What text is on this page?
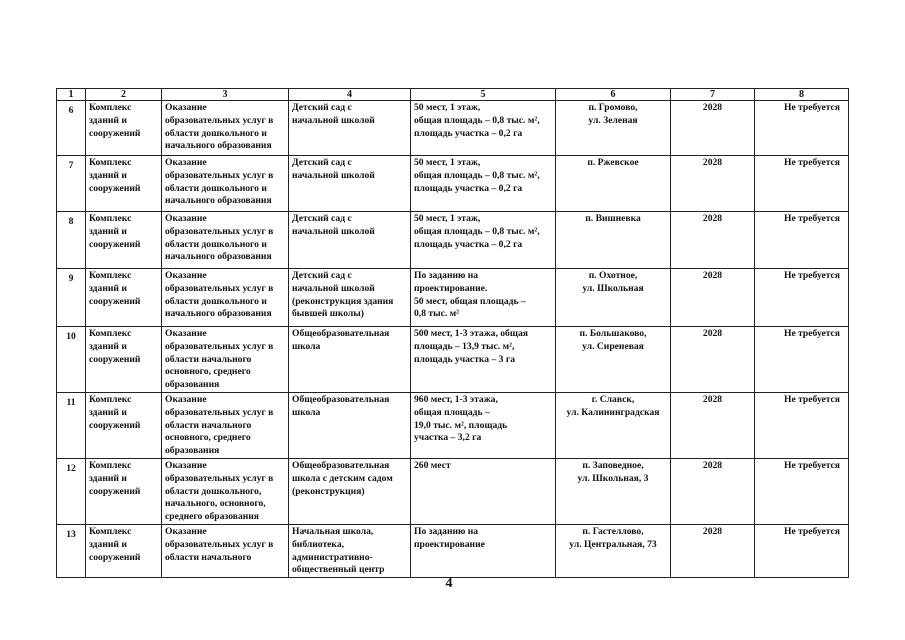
1	2	3	4	5	6	7	8
6	Комплекс
зданий и
сооружений	Оказание
образовательных услуг в
области дошкольного и
начального образования	Детский сад с
начальной школой	50 мест, 1 этаж,
общая площадь – 0,8 тыс. м²,
площадь участка – 0,2 га	п. Громово,
ул. Зеленая	2028	Не требуется
7	Комплекс
зданий и
сооружений	Оказание
образовательных услуг в
области дошкольного и
начального образования	Детский сад с
начальной школой	50 мест, 1 этаж,
общая площадь – 0,8 тыс. м²,
площадь участка – 0,2 га	п. Ржевское	2028	Не требуется
8	Комплекс
зданий и
сооружений	Оказание
образовательных услуг в
области дошкольного и
начального образования	Детский сад с
начальной школой	50 мест, 1 этаж,
общая площадь – 0,8 тыс. м²,
площадь участка – 0,2 га	п. Вишневка	2028	Не требуется
9	Комплекс
зданий и
сооружений	Оказание
образовательных услуг в
области дошкольного и
начального образования	Детский сад с
начальной школой
(реконструкция здания
бывшей школы)	По заданию на
проектирование.
50 мест, общая площадь –
0,8 тыс. м²	п. Охотное,
ул. Школьная	2028	Не требуется
10	Комплекс
зданий и
сооружений	Оказание
образовательных услуг в
области начального
основного, среднего
образования	Общеобразовательная
школа	500 мест, 1-3 этажа, общая
площадь – 13,9 тыс. м²,
площадь участка – 3 га	п. Большаково,
ул. Сиреневая	2028	Не требуется
11	Комплекс
зданий и
сооружений	Оказание
образовательных услуг в
области начального
основного, среднего
образования	Общеобразовательная
школа	960 мест, 1-3 этажа,
общая площадь –
19,0 тыс. м², площадь
участка – 3,2 га	г. Славск,
ул. Калининградская	2028	Не требуется
12	Комплекс
зданий и
сооружений	Оказание
образовательных услуг в
области дошкольного,
начального, основного,
среднего образования	Общеобразовательная
школа с детским садом
(реконструкция)	260 мест	п. Заповедное,
ул. Школьная, 3	2028	Не требуется
13	Комплекс
зданий и
сооружений	Оказание
образовательных услуг в
области начального	Начальная школа,
библиотека,
административно-
общественный центр	По заданию на
проектирование	п. Гастеллово,
ул. Центральная, 73	2028	Не требуется
4
